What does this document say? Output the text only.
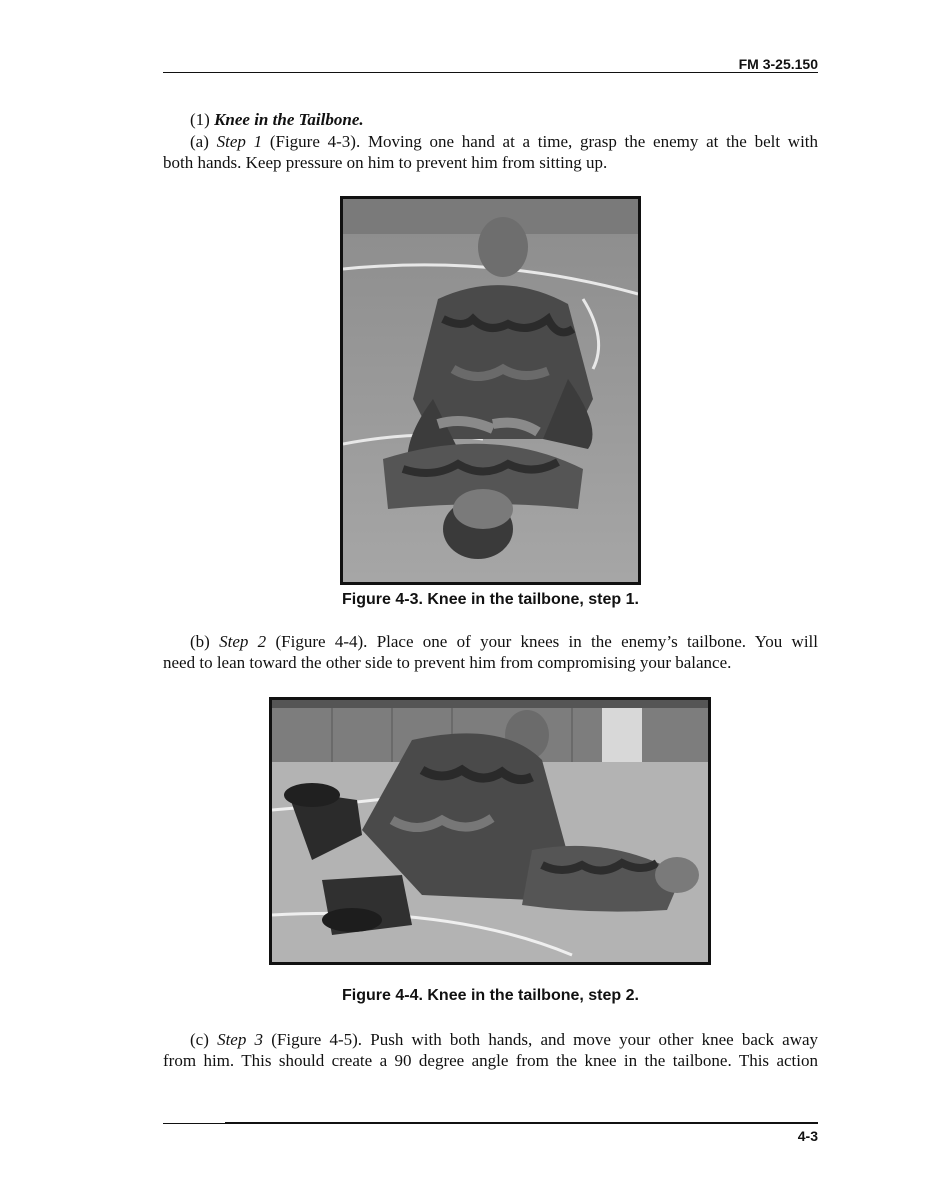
FM 3-25.150
(1) Knee in the Tailbone.
(a) Step 1 (Figure 4-3). Moving one hand at a time, grasp the enemy at the belt with
both hands. Keep pressure on him to prevent him from sitting up.
Figure 4-3. Knee in the tailbone, step 1.
(b) Step 2 (Figure 4-4). Place one of your knees in the enemy’s tailbone. You will
need to lean toward the other side to prevent him from compromising your balance.
Figure 4-4. Knee in the tailbone, step 2.
(c) Step 3 (Figure 4-5). Push with both hands, and move your other knee back away
from him. This should create a 90 degree angle from the knee in the tailbone. This action
4-3
